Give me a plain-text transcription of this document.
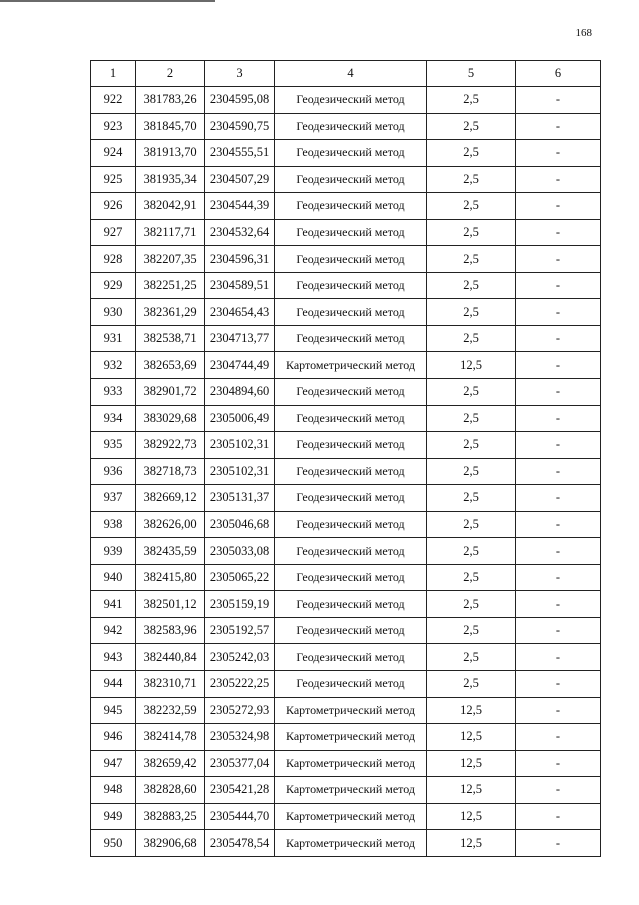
168
1	2	3	4	5	6
922	381783,26	2304595,08	Геодезический метод	2,5	-
923	381845,70	2304590,75	Геодезический метод	2,5	-
924	381913,70	2304555,51	Геодезический метод	2,5	-
925	381935,34	2304507,29	Геодезический метод	2,5	-
926	382042,91	2304544,39	Геодезический метод	2,5	-
927	382117,71	2304532,64	Геодезический метод	2,5	-
928	382207,35	2304596,31	Геодезический метод	2,5	-
929	382251,25	2304589,51	Геодезический метод	2,5	-
930	382361,29	2304654,43	Геодезический метод	2,5	-
931	382538,71	2304713,77	Геодезический метод	2,5	-
932	382653,69	2304744,49	Картометрический метод	12,5	-
933	382901,72	2304894,60	Геодезический метод	2,5	-
934	383029,68	2305006,49	Геодезический метод	2,5	-
935	382922,73	2305102,31	Геодезический метод	2,5	-
936	382718,73	2305102,31	Геодезический метод	2,5	-
937	382669,12	2305131,37	Геодезический метод	2,5	-
938	382626,00	2305046,68	Геодезический метод	2,5	-
939	382435,59	2305033,08	Геодезический метод	2,5	-
940	382415,80	2305065,22	Геодезический метод	2,5	-
941	382501,12	2305159,19	Геодезический метод	2,5	-
942	382583,96	2305192,57	Геодезический метод	2,5	-
943	382440,84	2305242,03	Геодезический метод	2,5	-
944	382310,71	2305222,25	Геодезический метод	2,5	-
945	382232,59	2305272,93	Картометрический метод	12,5	-
946	382414,78	2305324,98	Картометрический метод	12,5	-
947	382659,42	2305377,04	Картометрический метод	12,5	-
948	382828,60	2305421,28	Картометрический метод	12,5	-
949	382883,25	2305444,70	Картометрический метод	12,5	-
950	382906,68	2305478,54	Картометрический метод	12,5	-
